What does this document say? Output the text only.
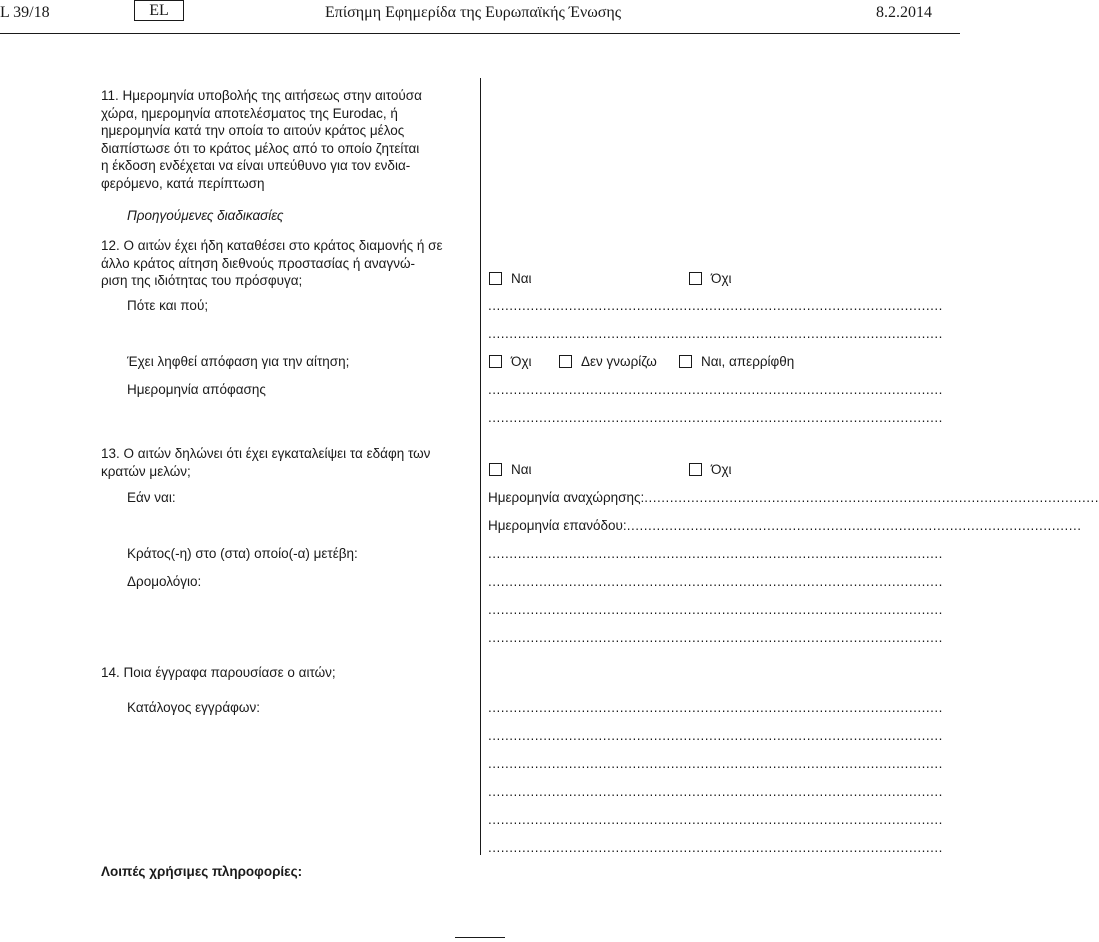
L 39/18	EL	Επίσημη Εφημερίδα της Ευρωπαϊκής Ένωσης	8.2.2014
11. Ημερομηνία υποβολής της αιτήσεως στην αιτούσα
χώρα, ημερομηνία αποτελέσματος της Eurodac, ή
ημερομηνία κατά την οποία το αιτούν κράτος μέλος
διαπίστωσε ότι το κράτος μέλος από το οποίο ζητείται
η έκδοση ενδέχεται να είναι υπεύθυνο για τον ενδια-
φερόμενο, κατά περίπτωση
Προηγούμενες διαδικασίες
12. Ο αιτών έχει ήδη καταθέσει στο κράτος διαμονής ή σε
άλλο κράτος αίτηση διεθνούς προστασίας ή αναγνώ-
ριση της ιδιότητας του πρόσφυγα;	Ναι	Όχι
Πότε και πού;	...........................................................................................................
...........................................................................................................
Έχει ληφθεί απόφαση για την αίτηση;	Όχι	Δεν γνωρίζω	Ναι, απερρίφθη
Ημερομηνία απόφασης	...........................................................................................................
...........................................................................................................
13. Ο αιτών δηλώνει ότι έχει εγκαταλείψει τα εδάφη των
κρατών μελών;	Ναι	Όχι
Εάν ναι:	Ημερομηνία αναχώρησης: ...........................................................................................................
Ημερομηνία επανόδου: ...........................................................................................................
Κράτος(-η) στο (στα) οποίο(-α) μετέβη:	...........................................................................................................
Δρομολόγιο:	...........................................................................................................
...........................................................................................................
...........................................................................................................
14. Ποια έγγραφα παρουσίασε ο αιτών;
Κατάλογος εγγράφων:	...........................................................................................................
...........................................................................................................
...........................................................................................................
...........................................................................................................
...........................................................................................................
...........................................................................................................
Λοιπές χρήσιμες πληροφορίες:
